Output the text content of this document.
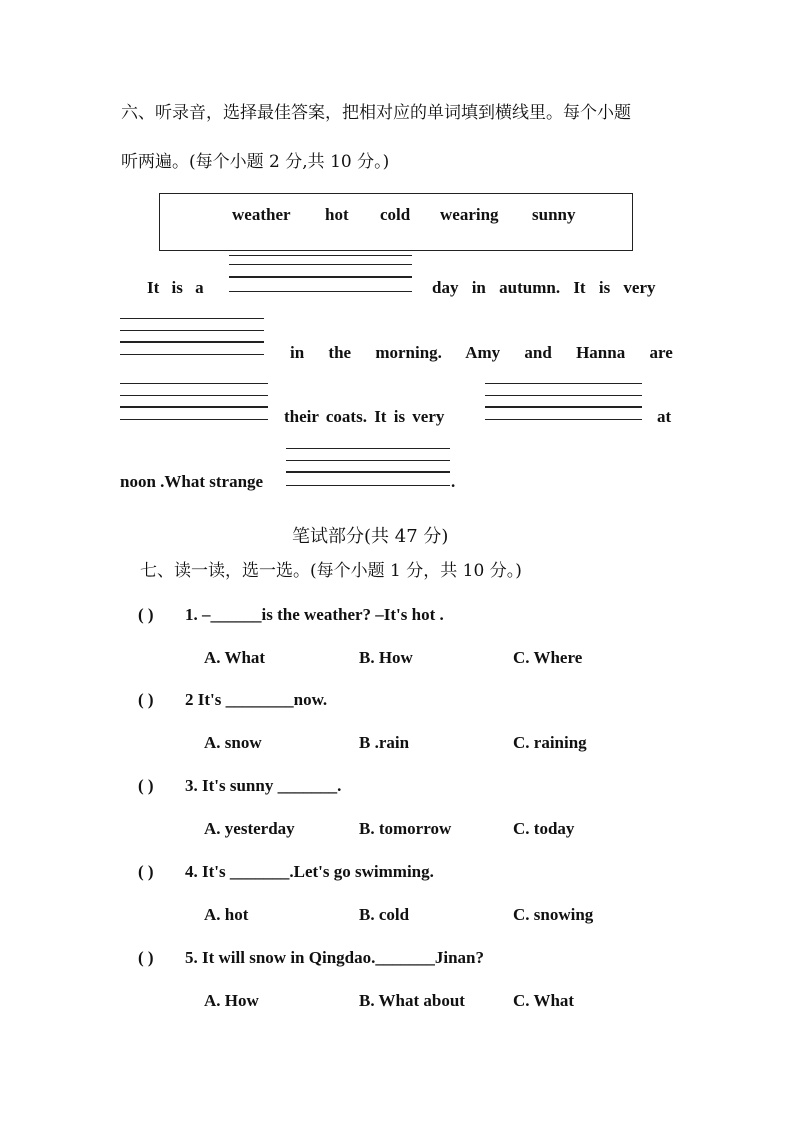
六、听录音，选择最佳答案，把相对应的单词填到横线里。每个小题
听两遍。(每个小题 2 分,共 10 分。)
weather hot cold wearing sunny
It is a	day in autumn. It is very
in the morning. Amy and Hanna are
their coats. It is very	at
noon .What strange	.
笔试部分(共 47 分)
七、读一读，选一选。(每个小题 1 分，共 10 分。)
( ) 1. –______is the weather? –It's hot .
A. What	B. How	C. Where
( ) 2 It's ________now.
A. snow	B .rain	C. raining
( ) 3. It's sunny _______.
A. yesterday	B. tomorrow	C. today
( ) 4. It's _______.Let's go swimming.
A. hot	B. cold	C. snowing
( ) 5. It will snow in Qingdao._______Jinan?
A. How	B. What about	C. What
